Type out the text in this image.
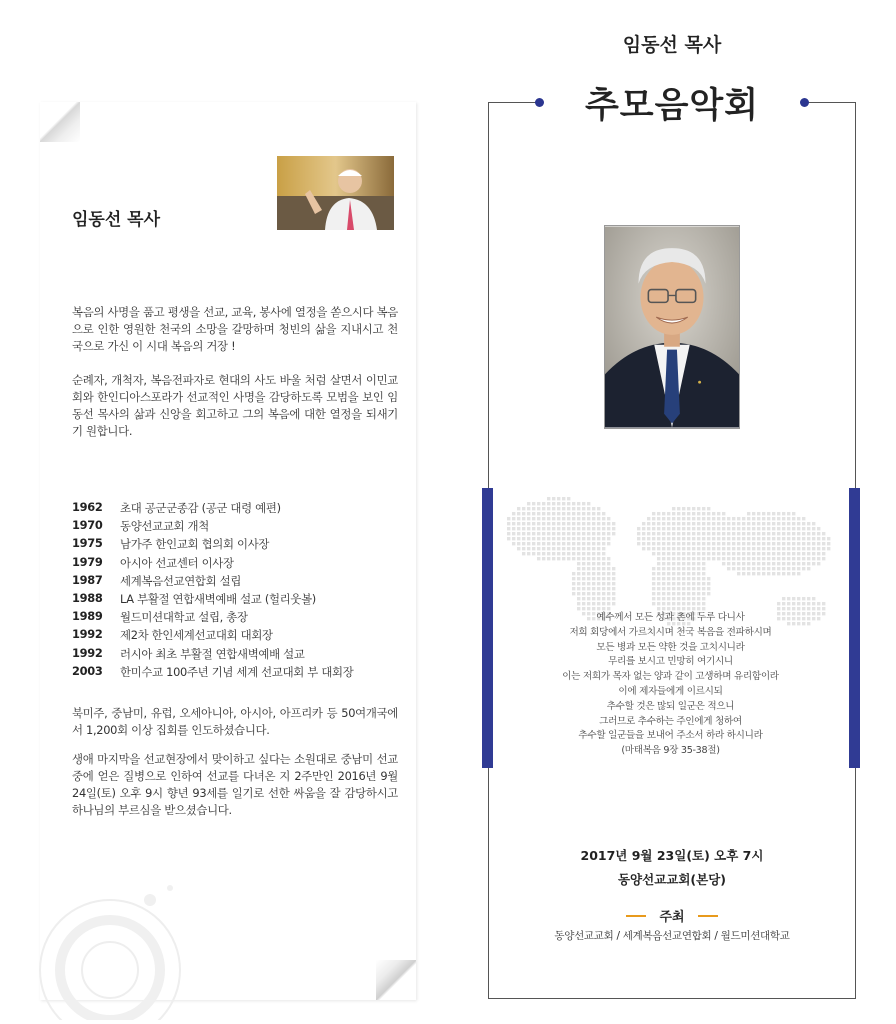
임동선 목사
복음의 사명을 품고 평생을 선교, 교육, 봉사에 열정을 쏟으시다 복음으로 인한 영원한 천국의 소망을 갈망하며 청빈의 삶을 지내시고 천국으로 가신 이 시대 복음의 거장 !
순례자, 개척자, 복음전파자로 현대의 사도 바울 처럼 살면서 이민교회와 한인디아스포라가 선교적인 사명을 감당하도록 모범을 보인 임동선 목사의 삶과 신앙을 회고하고 그의 복음에 대한 열정을 되새기기 원합니다.
1962 초대 공군군종감 (공군 대령 예편)
1970 동양선교교회 개척
1975 남가주 한인교회 협의회 이사장
1979 아시아 선교센터 이사장
1987 세계복음선교연합회 설립
1988 LA 부활절 연합새벽예배 설교 (헐리웃볼)
1989 월드미션대학교 설립, 총장
1992 제2차 한인세계선교대회 대회장
1992 러시아 최초 부활절 연합새벽예배 설교
2003 한미수교 100주년 기념 세계 선교대회 부 대회장
북미주, 중남미, 유럽, 오세아니아, 아시아, 아프리카 등 50여개국에서 1,200회 이상 집회를 인도하셨습니다.
생애 마지막을 선교현장에서 맞이하고 싶다는 소원대로 중남미 선교 중에 얻은 질병으로 인하여 선교를 다녀온 지 2주만인 2016년 9월 24일(토) 오후 9시 향년 93세를 일기로 선한 싸움을 잘 감당하시고 하나님의 부르심을 받으셨습니다.
임동선 목사
추모음악회
예수께서 모든 성과 촌에 두루 다니사
저희 회당에서 가르치시며 천국 복음을 전파하시며
모든 병과 모든 약한 것을 고치시니라
무리를 보시고 민망히 여기시니
이는 저희가 목자 없는 양과 같이 고생하며 유리함이라
이에 제자들에게 이르시되
추수할 것은 많되 일군은 적으니
그러므로 추수하는 주인에게 청하여
추수할 일군들을 보내어 주소서 하라 하시니라
(마태복음 9장 35-38절)
2017년 9월 23일(토) 오후 7시
동양선교교회(본당)
주최
동양선교교회 / 세계복음선교연합회 / 월드미션대학교
